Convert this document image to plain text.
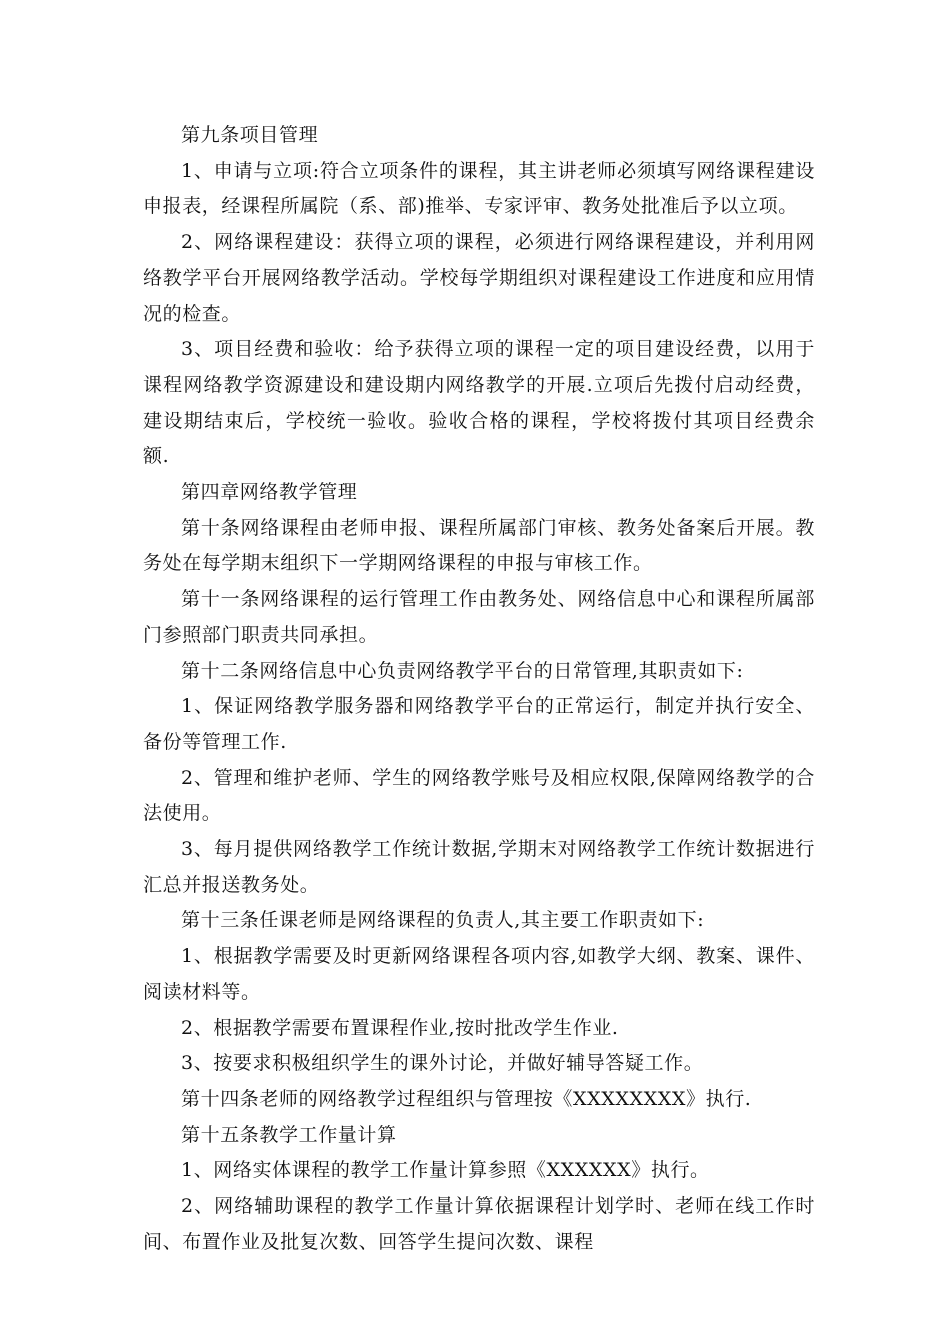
第九条项目管理

1、申请与立项:符合立项条件的课程，其主讲老师必须填写网络课程建设申报表，经课程所属院（系、部)推举、专家评审、教务处批准后予以立项。

2、网络课程建设：获得立项的课程，必须进行网络课程建设，并利用网络教学平台开展网络教学活动。学校每学期组织对课程建设工作进度和应用情况的检查。

3、项目经费和验收：给予获得立项的课程一定的项目建设经费，以用于课程网络教学资源建设和建设期内网络教学的开展.立项后先拨付启动经费，建设期结束后，学校统一验收。验收合格的课程，学校将拨付其项目经费余额.

第四章网络教学管理

第十条网络课程由老师申报、课程所属部门审核、教务处备案后开展。教务处在每学期末组织下一学期网络课程的申报与审核工作。

第十一条网络课程的运行管理工作由教务处、网络信息中心和课程所属部门参照部门职责共同承担。

第十二条网络信息中心负责网络教学平台的日常管理,其职责如下:

1、保证网络教学服务器和网络教学平台的正常运行，制定并执行安全、备份等管理工作.

2、管理和维护老师、学生的网络教学账号及相应权限,保障网络教学的合法使用。

3、每月提供网络教学工作统计数据,学期末对网络教学工作统计数据进行汇总并报送教务处。

第十三条任课老师是网络课程的负责人,其主要工作职责如下:

1、根据教学需要及时更新网络课程各项内容,如教学大纲、教案、课件、阅读材料等。

2、根据教学需要布置课程作业,按时批改学生作业.

3、按要求积极组织学生的课外讨论，并做好辅导答疑工作。

第十四条老师的网络教学过程组织与管理按《XXXXXXXX》执行.

第十五条教学工作量计算

1、网络实体课程的教学工作量计算参照《XXXXXX》执行。

2、网络辅助课程的教学工作量计算依据课程计划学时、老师在线工作时间、布置作业及批复次数、回答学生提问次数、课程
